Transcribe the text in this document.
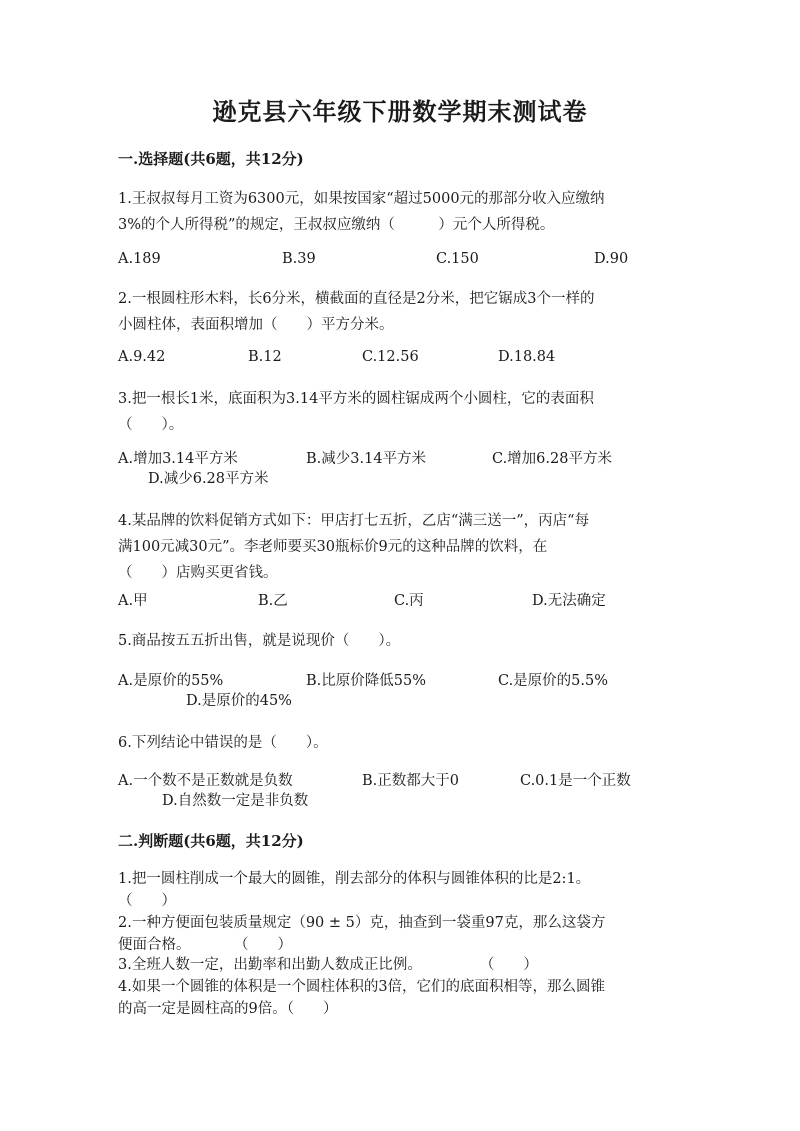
逊克县六年级下册数学期末测试卷
一.选择题(共6题，共12分)
1.王叔叔每月工资为6300元，如果按国家“超过5000元的那部分收入应缴纳
3%的个人所得税”的规定，王叔叔应缴纳（　　　）元个人所得税。
A.189	B.39	C.150	D.90
2.一根圆柱形木料，长6分米，横截面的直径是2分米，把它锯成3个一样的
小圆柱体，表面积增加（　　）平方分米。
A.9.42	B.12	C.12.56	D.18.84
3.把一根长1米，底面积为3.14平方米的圆柱锯成两个小圆柱，它的表面积
（　　）。
A.增加3.14平方米	B.减少3.14平方米	C.增加6.28平方米
D.减少6.28平方米
4.某品牌的饮料促销方式如下：甲店打七五折，乙店“满三送一”，丙店“每
满100元减30元”。李老师要买30瓶标价9元的这种品牌的饮料，在
（　　）店购买更省钱。
A.甲	B.乙	C.丙	D.无法确定
5.商品按五五折出售，就是说现价（　　）。
A.是原价的55%	B.比原价降低55%	C.是原价的5.5%
D.是原价的45%
6.下列结论中错误的是（　　）。
A.一个数不是正数就是负数	B.正数都大于0	C.0.1是一个正数
D.自然数一定是非负数
二.判断题(共6题，共12分)
1.把一圆柱削成一个最大的圆锥，削去部分的体积与圆锥体积的比是2:1。
（　　）
2.一种方便面包装质量规定（90 ± 5）克，抽查到一袋重97克，那么这袋方
便面合格。　　　　（　　）
3.全班人数一定，出勤率和出勤人数成正比例。　　　　　（　　）
4.如果一个圆锥的体积是一个圆柱体积的3倍，它们的底面积相等，那么圆锥
的高一定是圆柱高的9倍。（　　）
